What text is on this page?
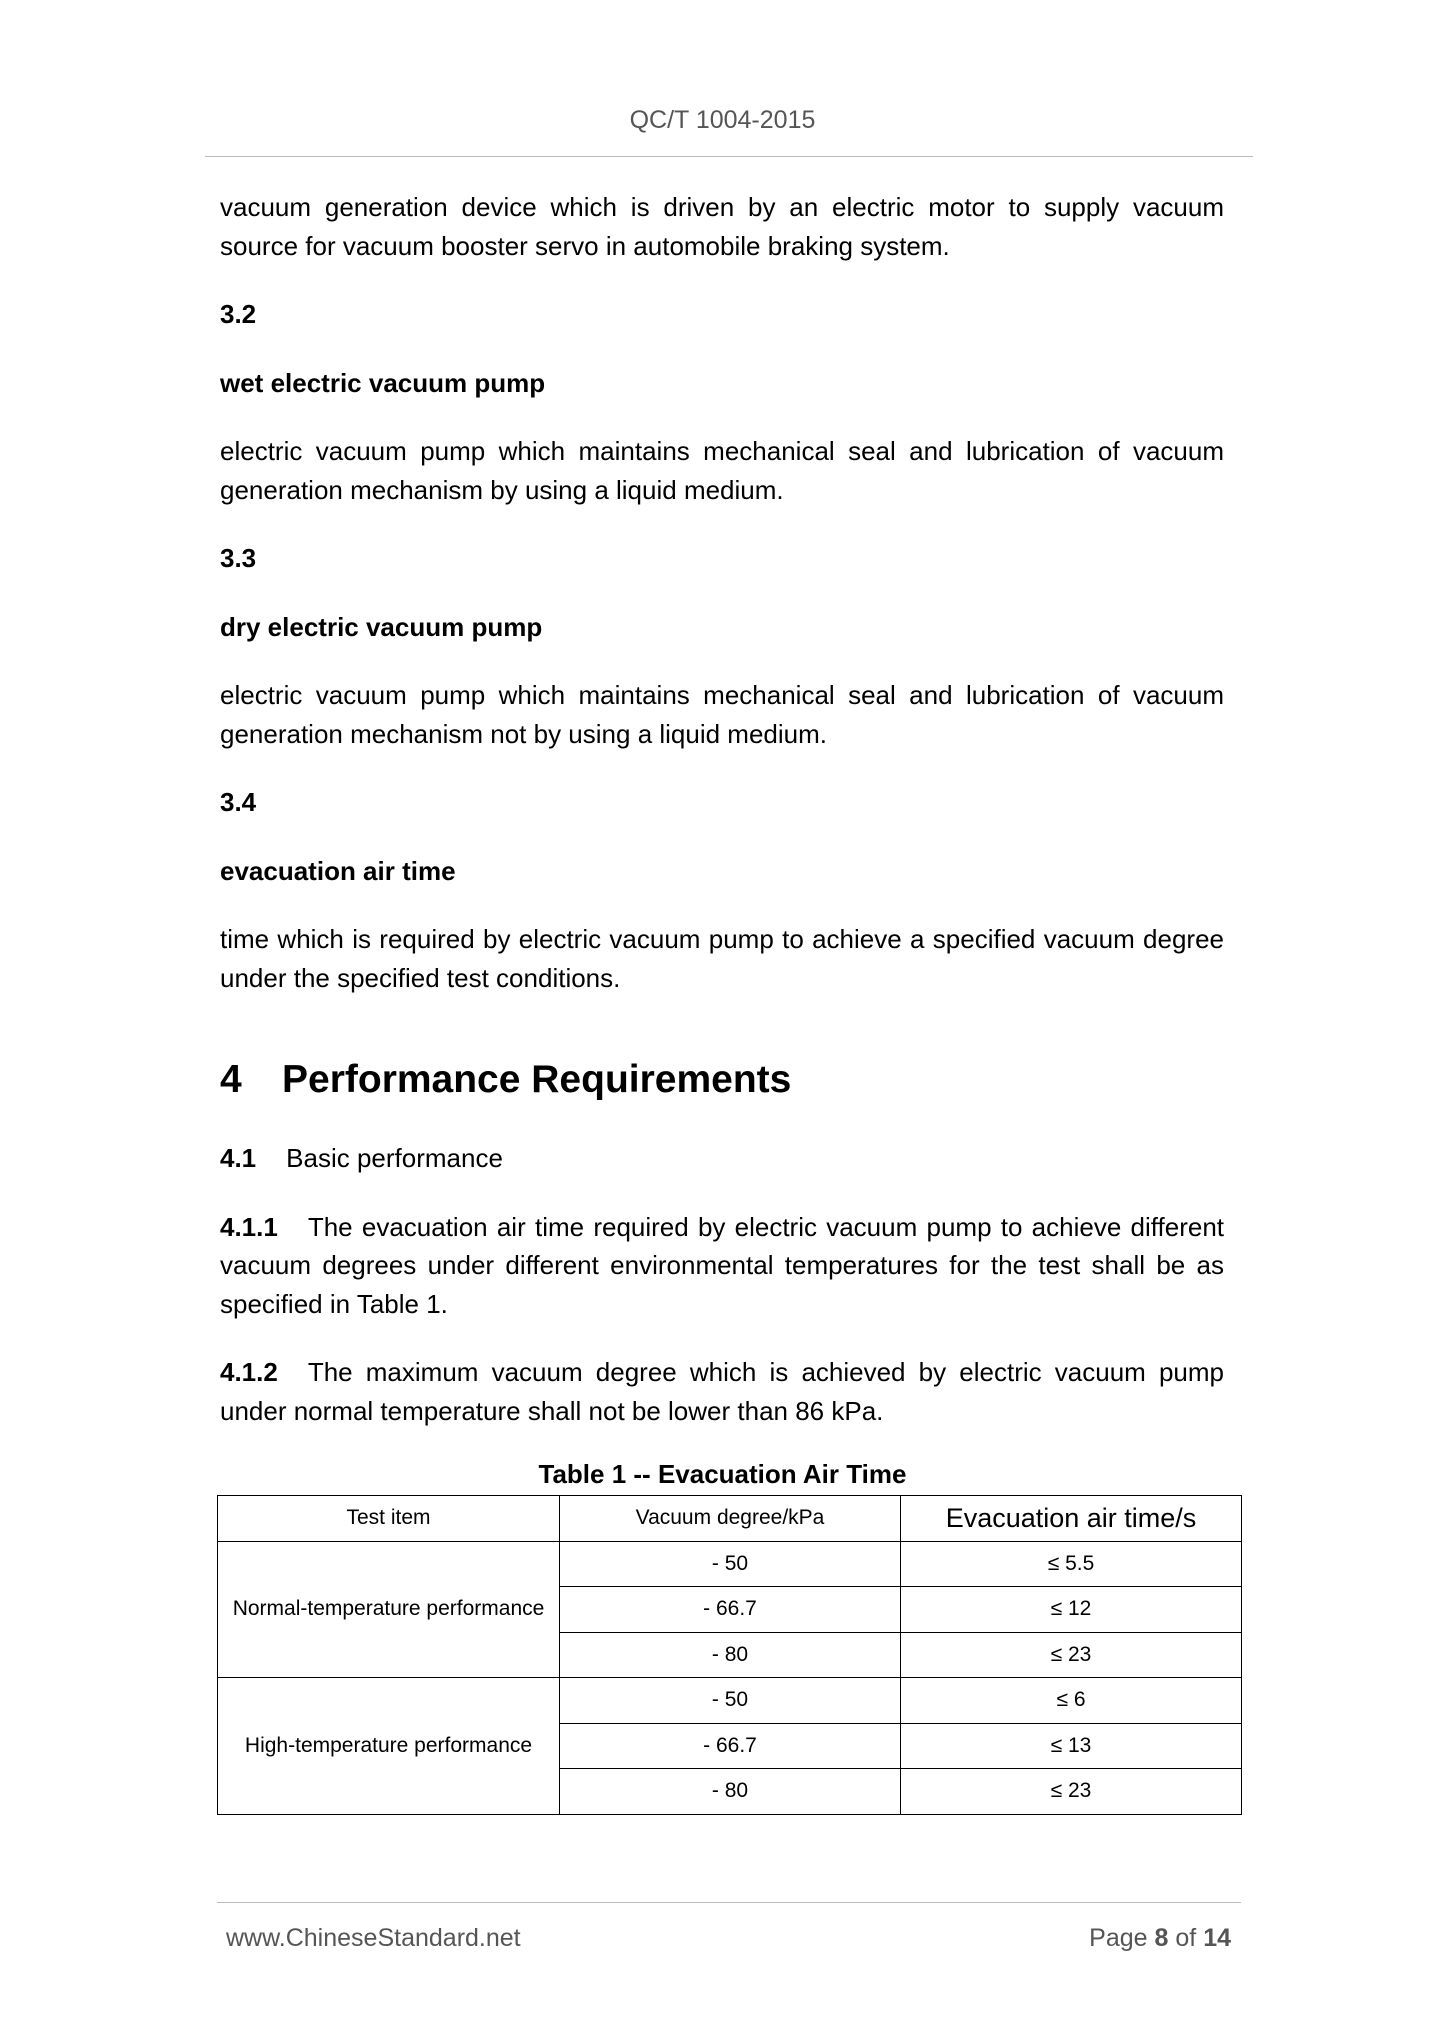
QC/T 1004-2015

vacuum generation device which is driven by an electric motor to supply vacuum source for vacuum booster servo in automobile braking system.

3.2

wet electric vacuum pump

electric vacuum pump which maintains mechanical seal and lubrication of vacuum generation mechanism by using a liquid medium.

3.3

dry electric vacuum pump

electric vacuum pump which maintains mechanical seal and lubrication of vacuum generation mechanism not by using a liquid medium.

3.4

evacuation air time

time which is required by electric vacuum pump to achieve a specified vacuum degree under the specified test conditions.

4 Performance Requirements

4.1 Basic performance

4.1.1 The evacuation air time required by electric vacuum pump to achieve different vacuum degrees under different environmental temperatures for the test shall be as specified in Table 1.

4.1.2 The maximum vacuum degree which is achieved by electric vacuum pump under normal temperature shall not be lower than 86 kPa.

Table 1 -- Evacuation Air Time
Test item	Vacuum degree/kPa	Evacuation air time/s
Normal-temperature performance	- 50	≤ 5.5
	- 66.7	≤ 12
	- 80	≤ 23
High-temperature performance	- 50	≤ 6
	- 66.7	≤ 13
	- 80	≤ 23
www.ChineseStandard.net	Page 8 of 14
